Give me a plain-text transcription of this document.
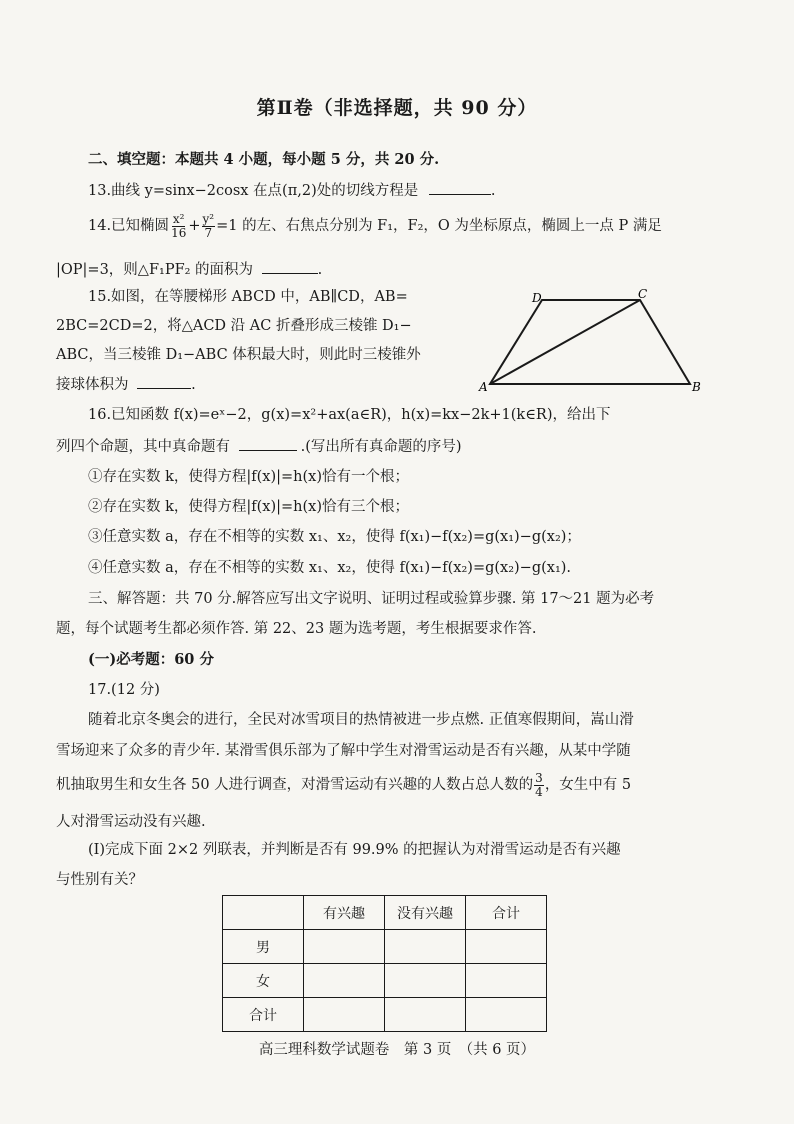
第Ⅱ卷（非选择题，共 90 分）
二、填空题：本题共 4 小题，每小题 5 分，共 20 分.
13.曲线 y=sinx−2cosx 在点(π,2)处的切线方程是	.
14.已知椭圆 $\frac{\text{x²}}{16} + \frac{\text{y²}}{7} =1$ 的左、右焦点分别为 F₁，F₂，O 为坐标原点，椭圆上一点 P 满足
|OP|=3，则△F₁PF₂ 的面积为	.
15.如图，在等腰梯形 ABCD 中，AB∥CD，AB=
2BC=2CD=2，将△ACD 沿 AC 折叠形成三棱锥 D₁−
ABC，当三棱锥 D₁−ABC 体积最大时，则此时三棱锥外
接球体积为	.	A	B
C
D
16.已知函数 f(x)=eˣ−2，g(x)=x²+ax(a∈R)，h(x)=kx−2k+1(k∈R)，给出下
列四个命题，其中真命题有	.(写出所有真命题的序号)
①存在实数 k，使得方程|f(x)|=h(x)恰有一个根；
②存在实数 k，使得方程|f(x)|=h(x)恰有三个根；
③任意实数 a，存在不相等的实数 x₁、x₂，使得 f(x₁)−f(x₂)=g(x₁)−g(x₂)；
④任意实数 a，存在不相等的实数 x₁、x₂，使得 f(x₁)−f(x₂)=g(x₂)−g(x₁).
三、解答题：共 70 分.解答应写出文字说明、证明过程或验算步骤. 第 17～21 题为必考
题，每个试题考生都必须作答. 第 22、23 题为选考题，考生根据要求作答.
(一)必考题：60 分
17.(12 分)
随着北京冬奥会的进行，全民对冰雪项目的热情被进一步点燃. 正值寒假期间，嵩山滑
雪场迎来了众多的青少年. 某滑雪俱乐部为了解中学生对滑雪运动是否有兴趣，从某中学随
机抽取男生和女生各 50 人进行调查，对滑雪运动有兴趣的人数占总人数的 $\frac{3}{4}$ ，女生中有 5
人对滑雪运动没有兴趣.
(Ⅰ)完成下面 2×2 列联表，并判断是否有 99.9% 的把握认为对滑雪运动是否有兴趣
与性别有关？
	有兴趣	没有兴趣	合计
男			
女			
合计			
高三理科数学试题卷　第 3 页　（共 6 页）
